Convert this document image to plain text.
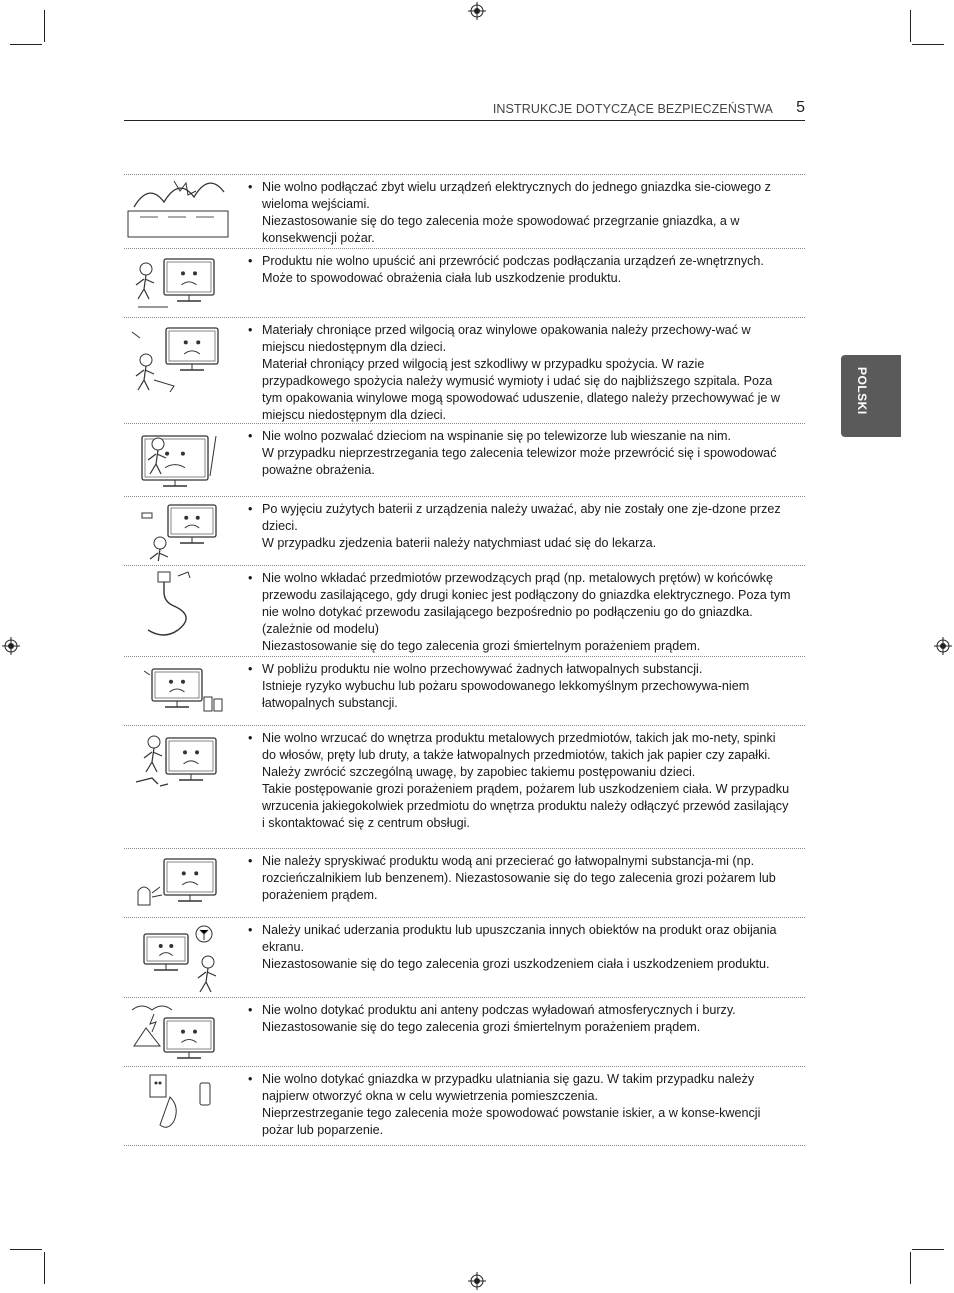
INSTRUKCJE DOTYCZĄCE BEZPIECZEŃSTWA 5
POLSKI
• Nie wolno podłączać zbyt wielu urządzeń elektrycznych do jednego gniazdka sie-ciowego z wieloma wejściami.

Niezastosowanie się do tego zalecenia może spowodować przegrzanie gniazdka, a w konsekwencji pożar.

• Produktu nie wolno upuścić ani przewrócić podczas podłączania urządzeń ze-wnętrznych.

Może to spowodować obrażenia ciała lub uszkodzenie produktu.

• Materiały chroniące przed wilgocią oraz winylowe opakowania należy przechowy-wać w miejscu niedostępnym dla dzieci.

Materiał chroniący przed wilgocią jest szkodliwy w przypadku spożycia. W razie przypadkowego spożycia należy wymusić wymioty i udać się do najbliższego szpitala. Poza tym opakowania winylowe mogą spowodować uduszenie, dlatego należy przechowywać je w miejscu niedostępnym dla dzieci.

• Nie wolno pozwalać dzieciom na wspinanie się po telewizorze lub wieszanie na nim.

W przypadku nieprzestrzegania tego zalecenia telewizor może przewrócić się i spowodować poważne obrażenia.

• Po wyjęciu zużytych baterii z urządzenia należy uważać, aby nie zostały one zje-dzone przez dzieci.

W przypadku zjedzenia baterii należy natychmiast udać się do lekarza.

• Nie wolno wkładać przedmiotów przewodzących prąd (np. metalowych prętów) w końcówkę przewodu zasilającego, gdy drugi koniec jest podłączony do gniazdka elektrycznego. Poza tym nie wolno dotykać przewodu zasilającego bezpośrednio po podłączeniu go do gniazdka. (zależnie od modelu)

Niezastosowanie się do tego zalecenia grozi śmiertelnym porażeniem prądem.

• W pobliżu produktu nie wolno przechowywać żadnych łatwopalnych substancji.

Istnieje ryzyko wybuchu lub pożaru spowodowanego lekkomyślnym przechowywa-niem łatwopalnych substancji.

• Nie wolno wrzucać do wnętrza produktu metalowych przedmiotów, takich jak mo-nety, spinki do włosów, pręty lub druty, a także łatwopalnych przedmiotów, takich jak papier czy zapałki. Należy zwrócić szczególną uwagę, by zapobiec takiemu postępowaniu dzieci.

Takie postępowanie grozi porażeniem prądem, pożarem lub uszkodzeniem ciała. W przypadku wrzucenia jakiegokolwiek przedmiotu do wnętrza produktu należy odłączyć przewód zasilający i skontaktować się z centrum obsługi.

• Nie należy spryskiwać produktu wodą ani przecierać go łatwopalnymi substancja-mi (np. rozcieńczalnikiem lub benzenem). Niezastosowanie się do tego zalecenia grozi pożarem lub porażeniem prądem.

• Należy unikać uderzania produktu lub upuszczania innych obiektów na produkt oraz obijania ekranu.

Niezastosowanie się do tego zalecenia grozi uszkodzeniem ciała i uszkodzeniem produktu.

• Nie wolno dotykać produktu ani anteny podczas wyładowań atmosferycznych i burzy.

Niezastosowanie się do tego zalecenia grozi śmiertelnym porażeniem prądem.

• Nie wolno dotykać gniazdka w przypadku ulatniania się gazu. W takim przypadku należy najpierw otworzyć okna w celu wywietrzenia pomieszczenia.

Nieprzestrzeganie tego zalecenia może spowodować powstanie iskier, a w konse-kwencji pożar lub poparzenie.
